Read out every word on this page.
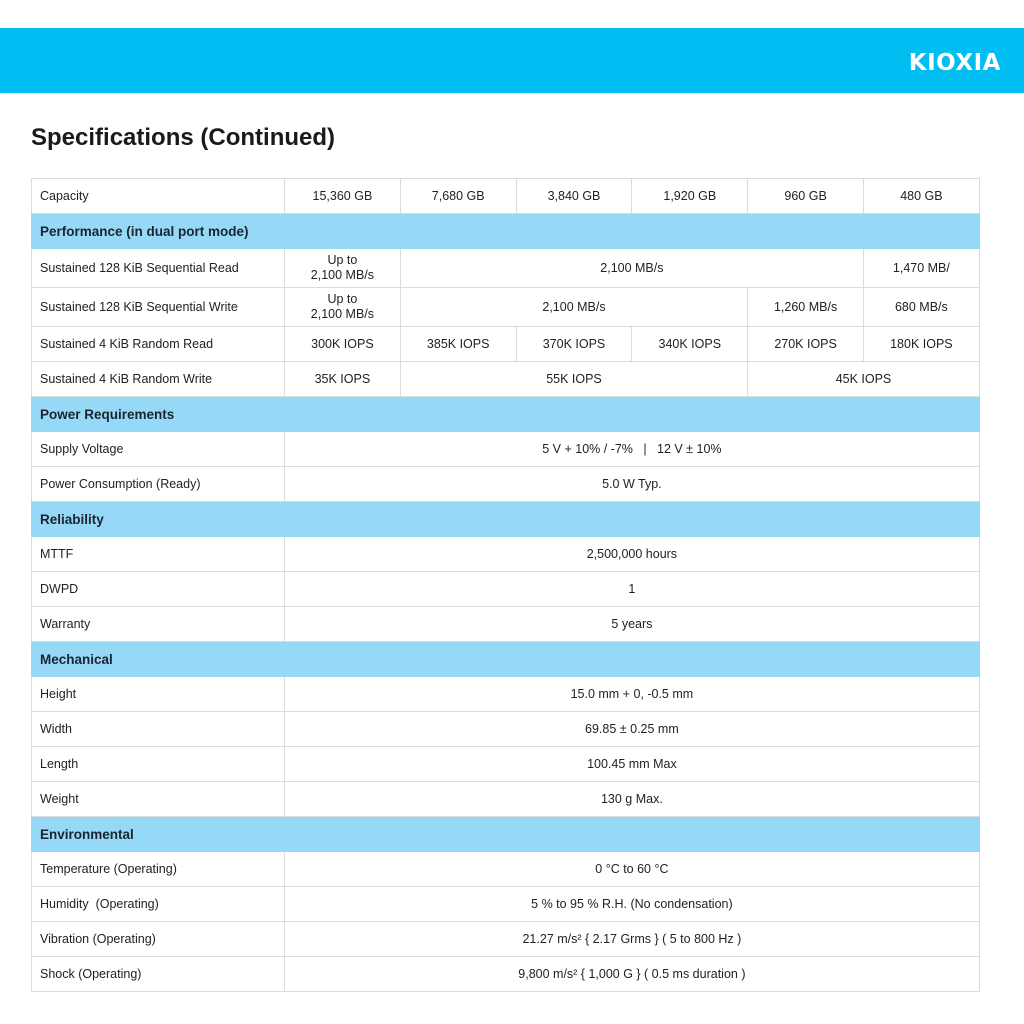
KIOXIA
Specifications (Continued)
Capacity	15,360 GB	7,680 GB	3,840 GB	1,920 GB	960 GB	480 GB
Performance (in dual port mode)						
Sustained 128 KiB Sequential Read	Up to
2,100 MB/s	2,100 MB/s				1,470 MB/
Sustained 128 KiB Sequential Write	Up to
2,100 MB/s	2,100 MB/s			1,260 MB/s	680 MB/s
Sustained 4 KiB Random Read	300K IOPS	385K IOPS	370K IOPS	340K IOPS	270K IOPS	180K IOPS
Sustained 4 KiB Random Write	35K IOPS	55K IOPS			45K IOPS	
Power Requirements						
Supply Voltage	5 V + 10% / -7%   |   12 V ± 10%					
Power Consumption (Ready)	5.0 W Typ.					
Reliability						
MTTF	2,500,000 hours					
DWPD	1					
Warranty	5 years					
Mechanical						
Height	15.0 mm + 0, -0.5 mm					
Width	69.85 ± 0.25 mm					
Length	100.45 mm Max					
Weight	130 g Max.					
Environmental						
Temperature (Operating)	0 °C to 60 °C					
Humidity  (Operating)	5 % to 95 % R.H. (No condensation)					
Vibration (Operating)	21.27 m/s² { 2.17 Grms } ( 5 to 800 Hz )					
Shock (Operating)	9,800 m/s² { 1,000 G } ( 0.5 ms duration )					
